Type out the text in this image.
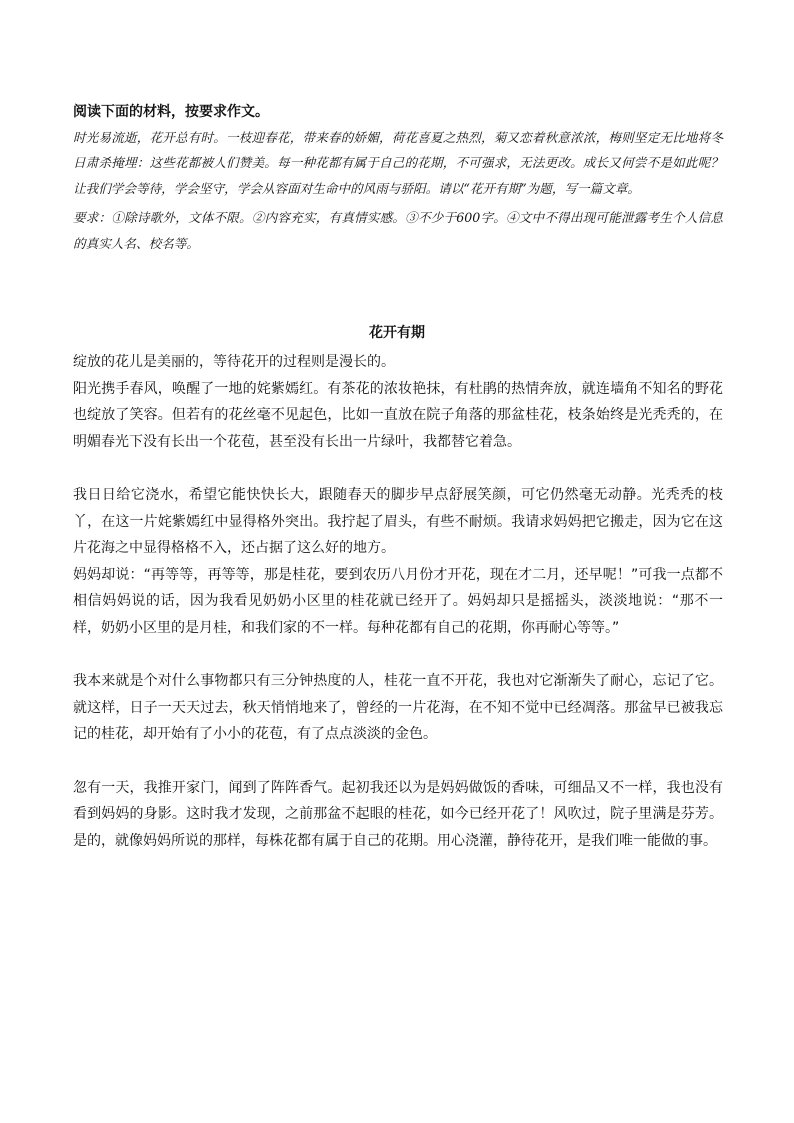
阅读下面的材料，按要求作文。

时光易流逝，花开总有时。一枝迎春花，带来春的娇媚，荷花喜夏之热烈，菊又恋着秋意浓浓，梅则坚定无比地将冬日肃杀掩埋：这些花都被人们赞美。每一种花都有属于自己的花期，不可强求，无法更改。成长又何尝不是如此呢？让我们学会等待，学会坚守，学会从容面对生命中的风雨与骄阳。请以“花开有期”为题，写一篇文章。

要求：①除诗歌外，文体不限。②内容充实，有真情实感。③不少于600字。④文中不得出现可能泄露考生个人信息的真实人名、校名等。

花开有期

绽放的花儿是美丽的，等待花开的过程则是漫长的。

阳光携手春风，唤醒了一地的姹紫嫣红。有茶花的浓妆艳抹，有杜鹃的热情奔放，就连墙角不知名的野花也绽放了笑容。但若有的花丝毫不见起色，比如一直放在院子角落的那盆桂花，枝条始终是光秃秃的，在明媚春光下没有长出一个花苞，甚至没有长出一片绿叶，我都替它着急。

我日日给它浇水，希望它能快快长大，跟随春天的脚步早点舒展笑颜，可它仍然毫无动静。光秃秃的枝丫，在这一片姹紫嫣红中显得格外突出。我拧起了眉头，有些不耐烦。我请求妈妈把它搬走，因为它在这片花海之中显得格格不入，还占据了这么好的地方。

妈妈却说：“再等等，再等等，那是桂花，要到农历八月份才开花，现在才二月，还早呢！”可我一点都不相信妈妈说的话，因为我看见奶奶小区里的桂花就已经开了。妈妈却只是摇摇头，淡淡地说：“那不一样，奶奶小区里的是月桂，和我们家的不一样。每种花都有自己的花期，你再耐心等等。”

我本来就是个对什么事物都只有三分钟热度的人，桂花一直不开花，我也对它渐渐失了耐心，忘记了它。就这样，日子一天天过去，秋天悄悄地来了，曾经的一片花海，在不知不觉中已经凋落。那盆早已被我忘记的桂花，却开始有了小小的花苞，有了点点淡淡的金色。

忽有一天，我推开家门，闻到了阵阵香气。起初我还以为是妈妈做饭的香味，可细品又不一样，我也没有看到妈妈的身影。这时我才发现，之前那盆不起眼的桂花，如今已经开花了！风吹过，院子里满是芬芳。是的，就像妈妈所说的那样，每株花都有属于自己的花期。用心浇灌，静待花开，是我们唯一能做的事。
